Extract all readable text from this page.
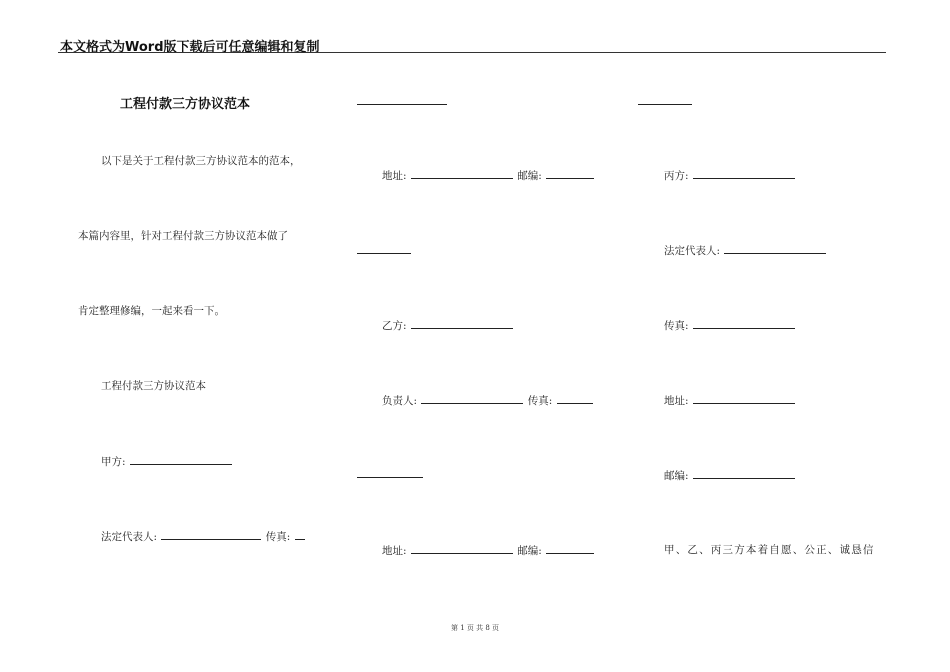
本文格式为Word版下载后可任意编辑和复制
工程付款三方协议范本
以下是关于工程付款三方协议范本的范本，
本篇内容里，针对工程付款三方协议范本做了
肯定整理修编，一起来看一下。
工程付款三方协议范本
甲方:
法定代表人:	传真:
地址:	邮编:
乙方:
负责人:	传真:
地址:	邮编:
丙方:
法定代表人:
传真:
地址:
邮编:
甲、乙、丙三方本着自愿、公正、诚恳信
第 1 页 共 8 页
